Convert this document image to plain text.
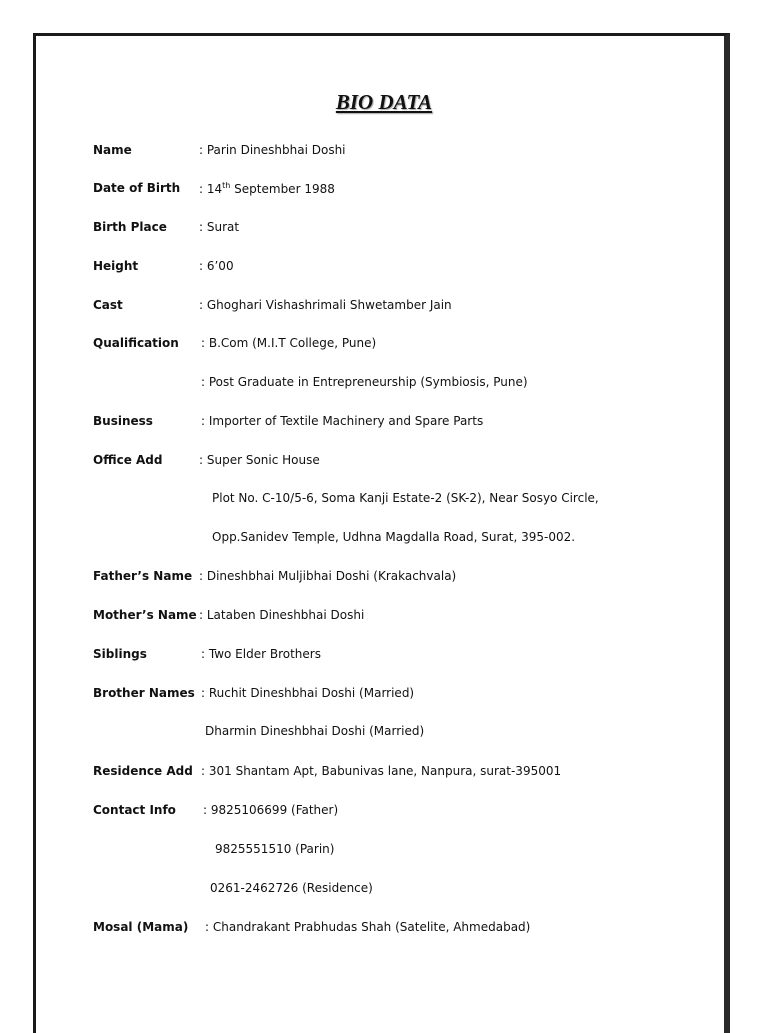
BIO DATA
Name	: Parin Dineshbhai Doshi
Date of Birth : 14th September 1988
Birth Place	: Surat
Height	: 6’00
Cast	: Ghoghari Vishashrimali Shwetamber Jain
Qualification : B.Com (M.I.T College, Pune)
: Post Graduate in Entrepreneurship (Symbiosis, Pune)
Business	: Importer of Textile Machinery and Spare Parts
Office Add	: Super Sonic House
Plot No. C-10/5-6, Soma Kanji Estate-2 (SK-2), Near Sosyo Circle,
Opp.Sanidev Temple, Udhna Magdalla Road, Surat, 395-002.
Father’s Name : Dineshbhai Muljibhai Doshi (Krakachvala)
Mother’s Name : Lataben Dineshbhai Doshi
Siblings	: Two Elder Brothers
Brother Names : Ruchit Dineshbhai Doshi (Married)
Dharmin Dineshbhai Doshi (Married)
Residence Add : 301 Shantam Apt, Babunivas lane, Nanpura, surat-395001
Contact Info : 9825106699 (Father)
9825551510 (Parin)
0261-2462726 (Residence)
Mosal (Mama) : Chandrakant Prabhudas Shah (Satelite, Ahmedabad)
